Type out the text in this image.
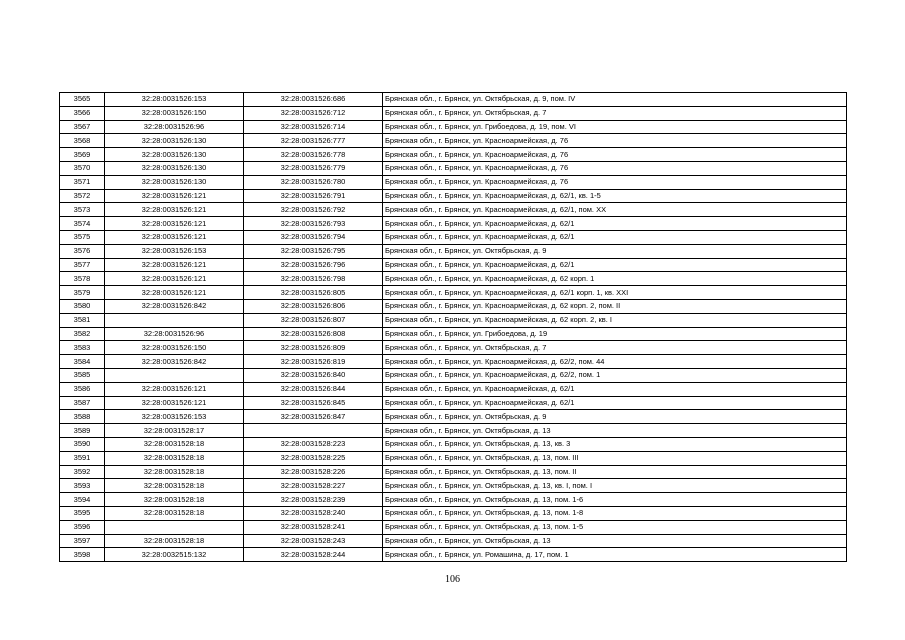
3565	32:28:0031526:153	32:28:0031526:686	Брянская обл., г. Брянск, ул. Октябрьская, д. 9, пом. IV
3566	32:28:0031526:150	32:28:0031526:712	Брянская обл., г. Брянск, ул. Октябрьская, д. 7
3567	32:28:0031526:96	32:28:0031526:714	Брянская обл., г. Брянск, ул. Грибоедова, д. 19, пом. VI
3568	32:28:0031526:130	32:28:0031526:777	Брянская обл., г. Брянск, ул. Красноармейская, д. 76
3569	32:28:0031526:130	32:28:0031526:778	Брянская обл., г. Брянск, ул. Красноармейская, д. 76
3570	32:28:0031526:130	32:28:0031526:779	Брянская обл., г. Брянск, ул. Красноармейская, д. 76
3571	32:28:0031526:130	32:28:0031526:780	Брянская обл., г. Брянск, ул. Красноармейская, д. 76
3572	32:28:0031526:121	32:28:0031526:791	Брянская обл., г. Брянск, ул. Красноармейская, д. 62/1, кв. 1-5
3573	32:28:0031526:121	32:28:0031526:792	Брянская обл., г. Брянск, ул. Красноармейская, д. 62/1, пом. XX
3574	32:28:0031526:121	32:28:0031526:793	Брянская обл., г. Брянск, ул. Красноармейская, д. 62/1
3575	32:28:0031526:121	32:28:0031526:794	Брянская обл., г. Брянск, ул. Красноармейская, д. 62/1
3576	32:28:0031526:153	32:28:0031526:795	Брянская обл., г. Брянск, ул. Октябрьская, д. 9
3577	32:28:0031526:121	32:28:0031526:796	Брянская обл., г. Брянск, ул. Красноармейская, д. 62/1
3578	32:28:0031526:121	32:28:0031526:798	Брянская обл., г. Брянск, ул. Красноармейская, д. 62 корп. 1
3579	32:28:0031526:121	32:28:0031526:805	Брянская обл., г. Брянск, ул. Красноармейская, д. 62/1 корп. 1, кв. XXI
3580	32:28:0031526:842	32:28:0031526:806	Брянская обл., г. Брянск, ул. Красноармейская, д. 62 корп. 2, пом. II
3581		32:28:0031526:807	Брянская обл., г. Брянск, ул. Красноармейская, д. 62 корп. 2, кв. I
3582	32:28:0031526:96	32:28:0031526:808	Брянская обл., г. Брянск, ул. Грибоедова, д. 19
3583	32:28:0031526:150	32:28:0031526:809	Брянская обл., г. Брянск, ул. Октябрьская, д. 7
3584	32:28:0031526:842	32:28:0031526:819	Брянская обл., г. Брянск, ул. Красноармейская, д. 62/2, пом. 44
3585		32:28:0031526:840	Брянская обл., г. Брянск, ул. Красноармейская, д. 62/2, пом. 1
3586	32:28:0031526:121	32:28:0031526:844	Брянская обл., г. Брянск, ул. Красноармейская, д. 62/1
3587	32:28:0031526:121	32:28:0031526:845	Брянская обл., г. Брянск, ул. Красноармейская, д. 62/1
3588	32:28:0031526:153	32:28:0031526:847	Брянская обл., г. Брянск, ул. Октябрьская, д. 9
3589	32:28:0031528:17		Брянская обл., г. Брянск, ул. Октябрьская, д. 13
3590	32:28:0031528:18	32:28:0031528:223	Брянская обл., г. Брянск, ул. Октябрьская, д. 13, кв. 3
3591	32:28:0031528:18	32:28:0031528:225	Брянская обл., г. Брянск, ул. Октябрьская, д. 13, пом. III
3592	32:28:0031528:18	32:28:0031528:226	Брянская обл., г. Брянск, ул. Октябрьская, д. 13, пом. II
3593	32:28:0031528:18	32:28:0031528:227	Брянская обл., г. Брянск, ул. Октябрьская, д. 13, кв. I, пом. I
3594	32:28:0031528:18	32:28:0031528:239	Брянская обл., г. Брянск, ул. Октябрьская, д. 13, пом. 1-6
3595	32:28:0031528:18	32:28:0031528:240	Брянская обл., г. Брянск, ул. Октябрьская, д. 13, пом. 1-8
3596		32:28:0031528:241	Брянская обл., г. Брянск, ул. Октябрьская, д. 13, пом. 1-5
3597	32:28:0031528:18	32:28:0031528:243	Брянская обл., г. Брянск, ул. Октябрьская, д. 13
3598	32:28:0032515:132	32:28:0031528:244	Брянская обл., г. Брянск, ул. Ромашина, д. 17, пом. 1
106
